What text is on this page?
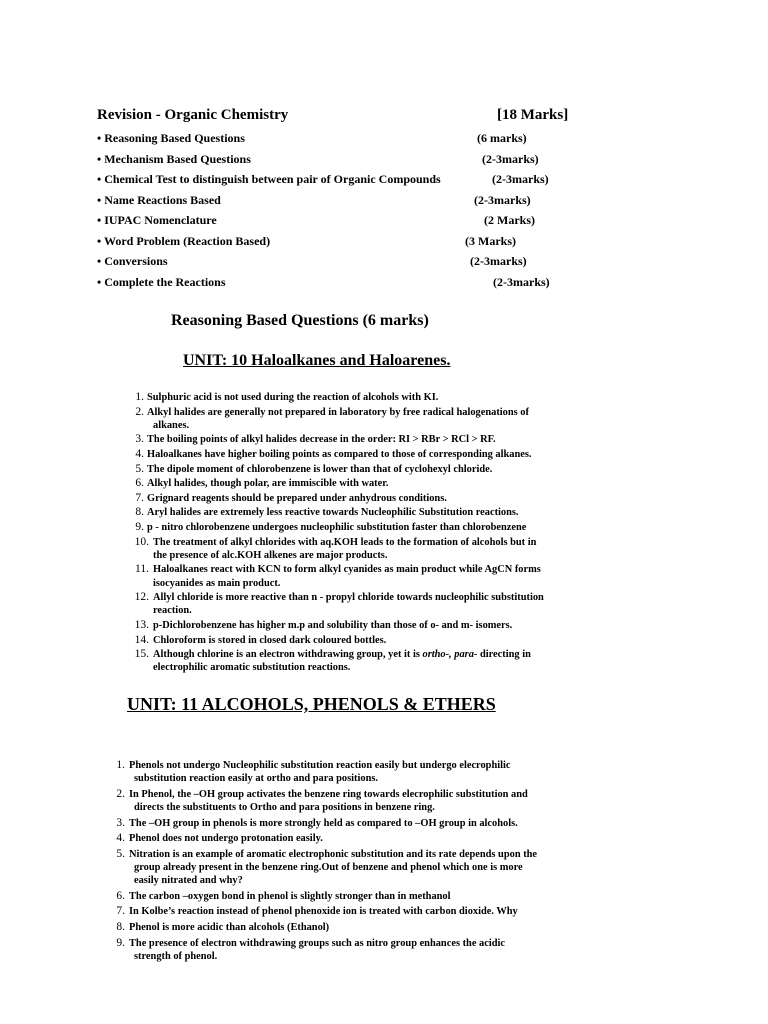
Revision - Organic Chemistry	[18 Marks]
• Reasoning Based Questions	(6 marks)
• Mechanism Based Questions	(2-3marks)
• Chemical Test to distinguish between pair of Organic Compounds	(2-3marks)
• Name Reactions Based	(2-3marks)
• IUPAC Nomenclature	(2 Marks)
• Word Problem (Reaction Based)	(3 Marks)
• Conversions	(2-3marks)
• Complete the Reactions	(2-3marks)
Reasoning Based Questions (6 marks)
UNIT: 10 Haloalkanes and Haloarenes.
1. Sulphuric acid is not used during the reaction of alcohols with KI.
2. Alkyl halides are generally not prepared in laboratory by free radical halogenations of
alkanes.
3. The boiling points of alkyl halides decrease in the order: RI > RBr > RCl > RF.
4. Haloalkanes have higher boiling points as compared to those of corresponding alkanes.
5. The dipole moment of chlorobenzene is lower than that of cyclohexyl chloride.
6. Alkyl halides, though polar, are immiscible with water.
7. Grignard reagents should be prepared under anhydrous conditions.
8. Aryl halides are extremely less reactive towards Nucleophilic Substitution reactions.
9. p - nitro chlorobenzene undergoes nucleophilic substitution faster than chlorobenzene
10. The treatment of alkyl chlorides with aq.KOH leads to the formation of alcohols but in
the presence of alc.KOH alkenes are major products.
11. Haloalkanes react with KCN to form alkyl cyanides as main product while AgCN forms
isocyanides as main product.
12. Allyl chloride is more reactive than n - propyl chloride towards nucleophilic substitution
reaction.
13. p-Dichlorobenzene has higher m.p and solubility than those of o- and m- isomers.
14. Chloroform is stored in closed dark coloured bottles.
15. Although chlorine is an electron withdrawing group, yet it is ortho-, para- directing in
electrophilic aromatic substitution reactions.
UNIT: 11 ALCOHOLS, PHENOLS & ETHERS
1. Phenols not undergo Nucleophilic substitution reaction easily but undergo elecrophilic
substitution reaction easily at ortho and para positions.
2. In Phenol, the –OH group activates the benzene ring towards elecrophilic substitution and
directs the substituents to Ortho and para positions in benzene ring.
3. The –OH group in phenols is more strongly held as compared to –OH group in alcohols.
4. Phenol does not undergo protonation easily.
5. Nitration is an example of aromatic electrophonic substitution and its rate depends upon the
group already present in the benzene ring.Out of benzene and phenol which one is more
easily nitrated and why?
6. The carbon –oxygen bond in phenol is slightly stronger than in methanol
7. In Kolbe’s reaction instead of phenol phenoxide ion is treated with carbon dioxide. Why
8. Phenol is more acidic than alcohols (Ethanol)
9. The presence of electron withdrawing groups such as nitro group enhances the acidic
strength of phenol.
